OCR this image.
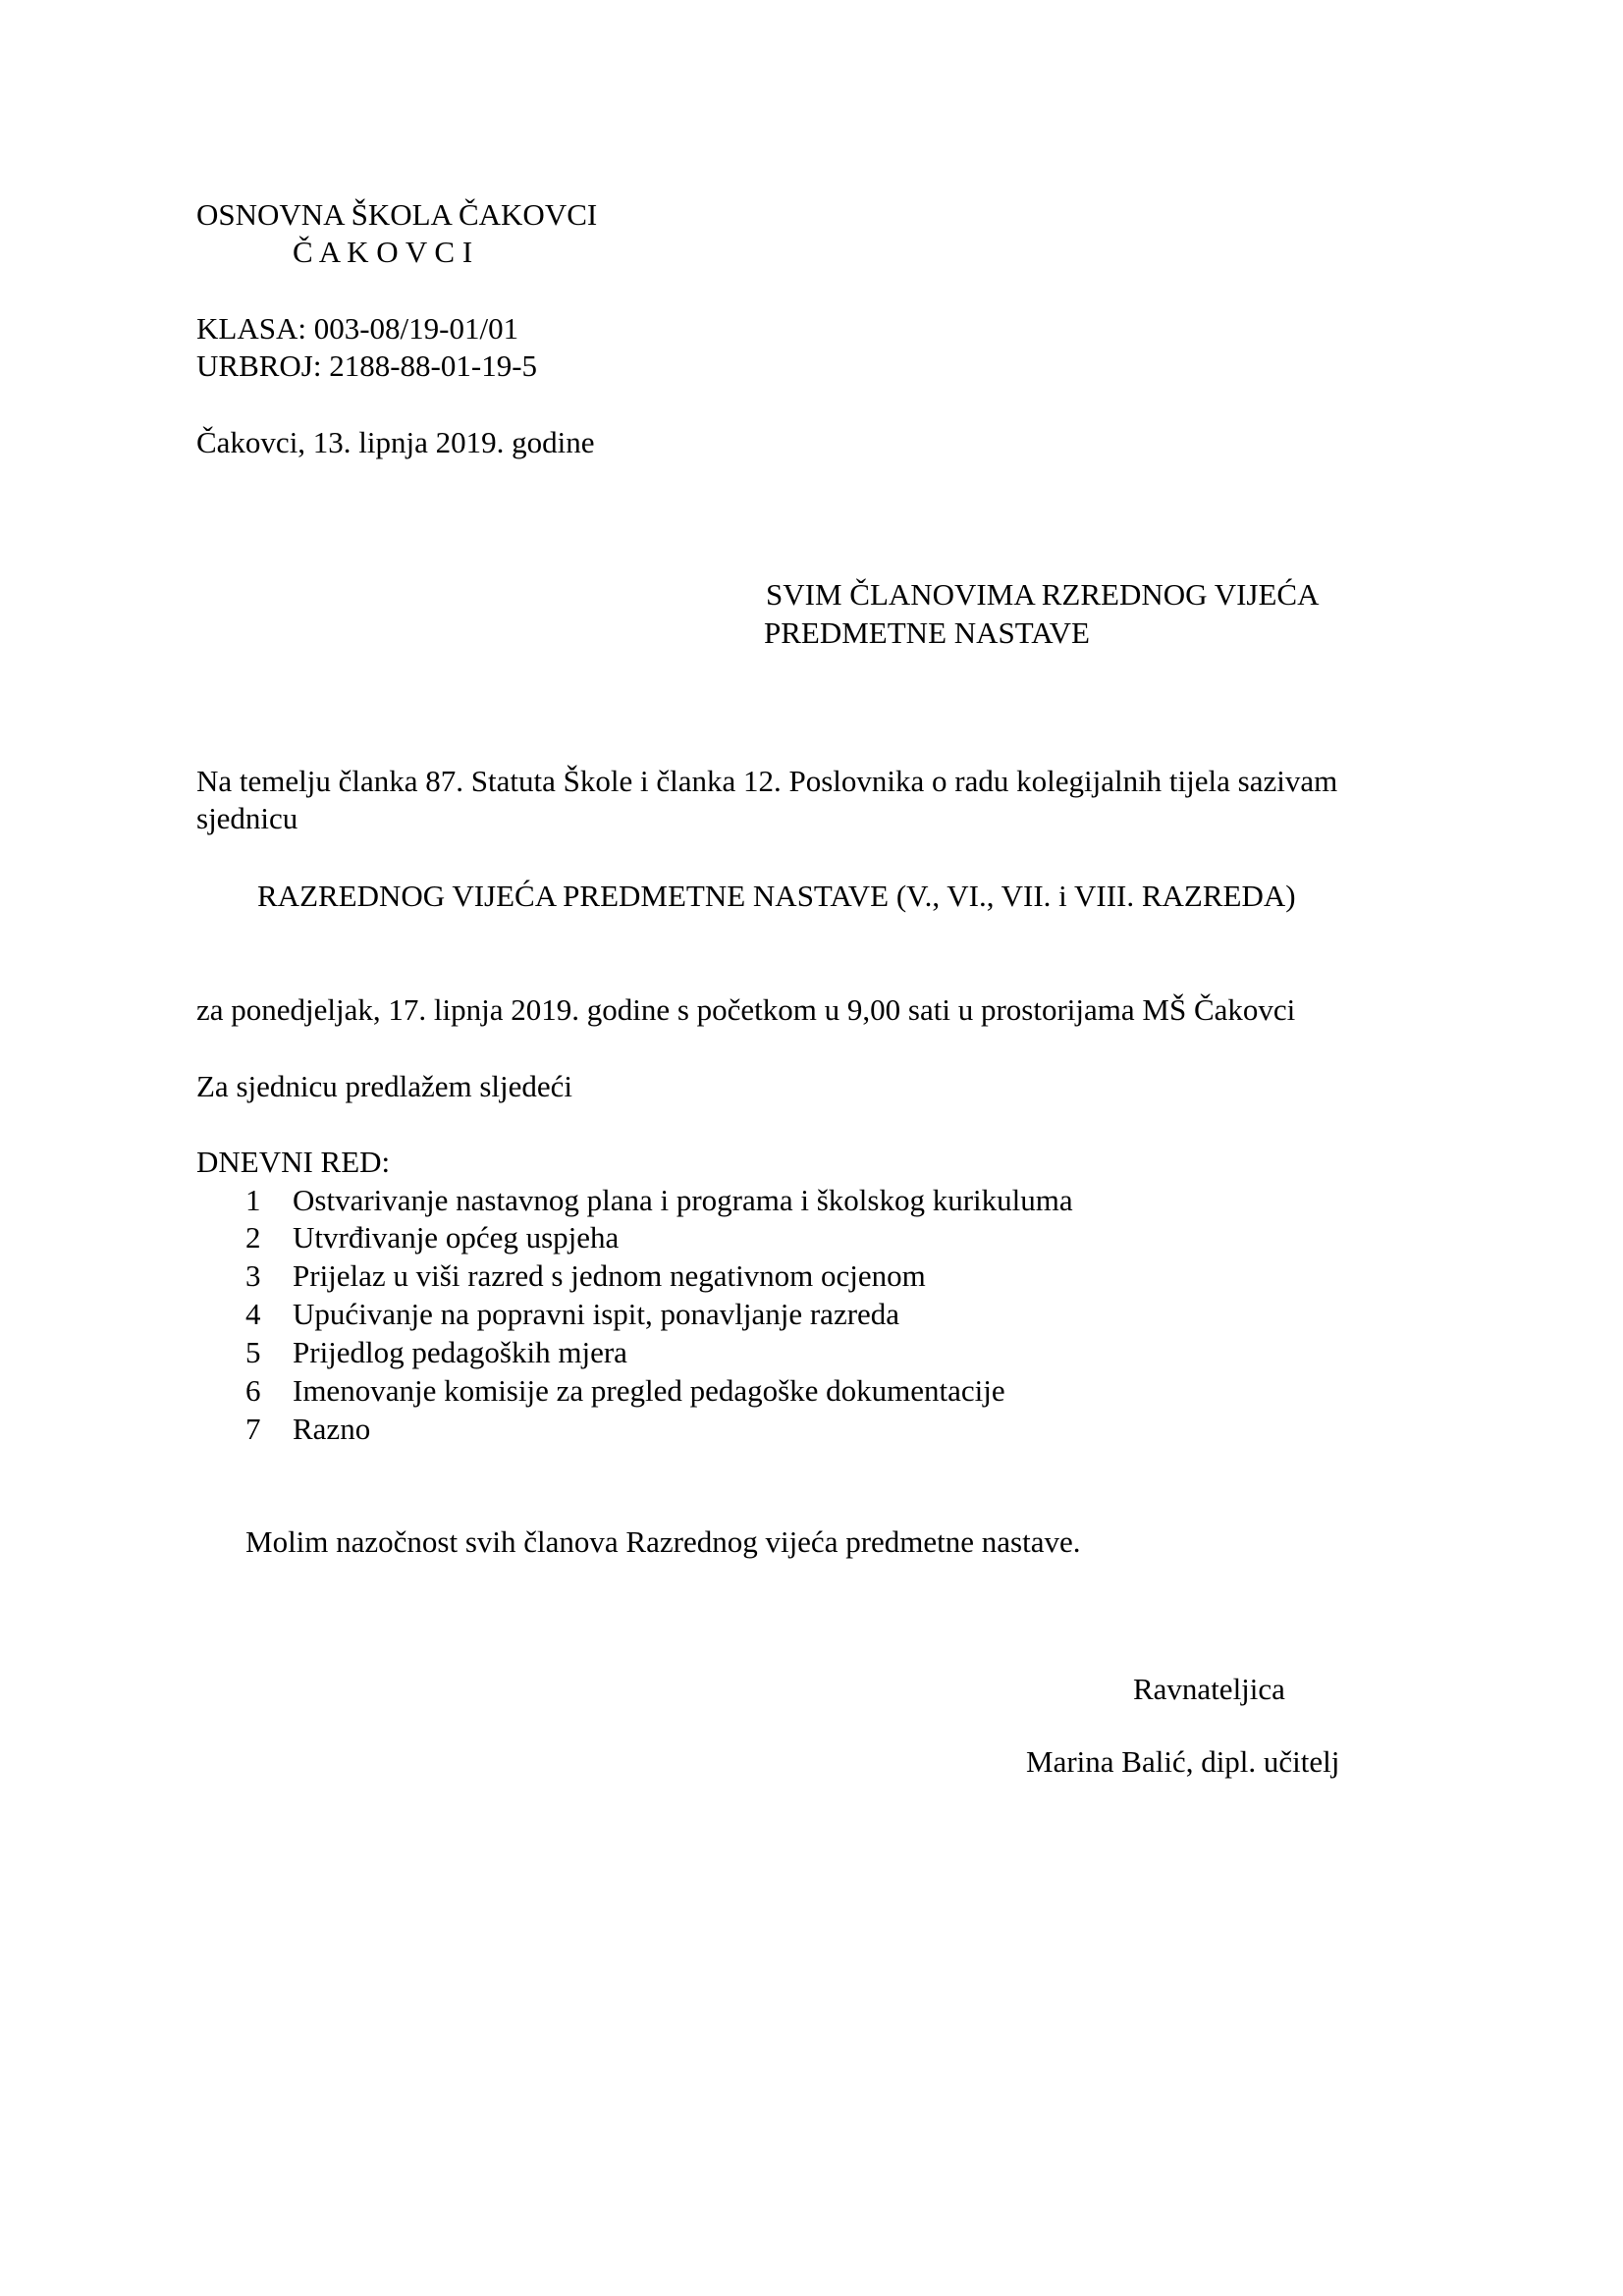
OSNOVNA ŠKOLA ČAKOVCI
Č A K O V C I
KLASA: 003-08/19-01/01
URBROJ: 2188-88-01-19-5
Čakovci, 13. lipnja 2019. godine
SVIM ČLANOVIMA RZREDNOG VIJEĆA
PREDMETNE NASTAVE
Na temelju članka 87. Statuta Škole i članka 12. Poslovnika o radu kolegijalnih tijela sazivam
sjednicu
RAZREDNOG VIJEĆA PREDMETNE NASTAVE (V., VI., VII. i VIII. RAZREDA)
za ponedjeljak, 17. lipnja 2019. godine s početkom u 9,00 sati u prostorijama MŠ Čakovci
Za sjednicu predlažem sljedeći
DNEVNI RED:
1 Ostvarivanje nastavnog plana i programa i školskog kurikuluma
2 Utvrđivanje općeg uspjeha
3 Prijelaz u viši razred s jednom negativnom ocjenom
4 Upućivanje na popravni ispit, ponavljanje razreda
5 Prijedlog pedagoških mjera
6 Imenovanje komisije za pregled pedagoške dokumentacije
7 Razno
Molim nazočnost svih članova Razrednog vijeća predmetne nastave.
Ravnateljica
Marina Balić, dipl. učitelj
